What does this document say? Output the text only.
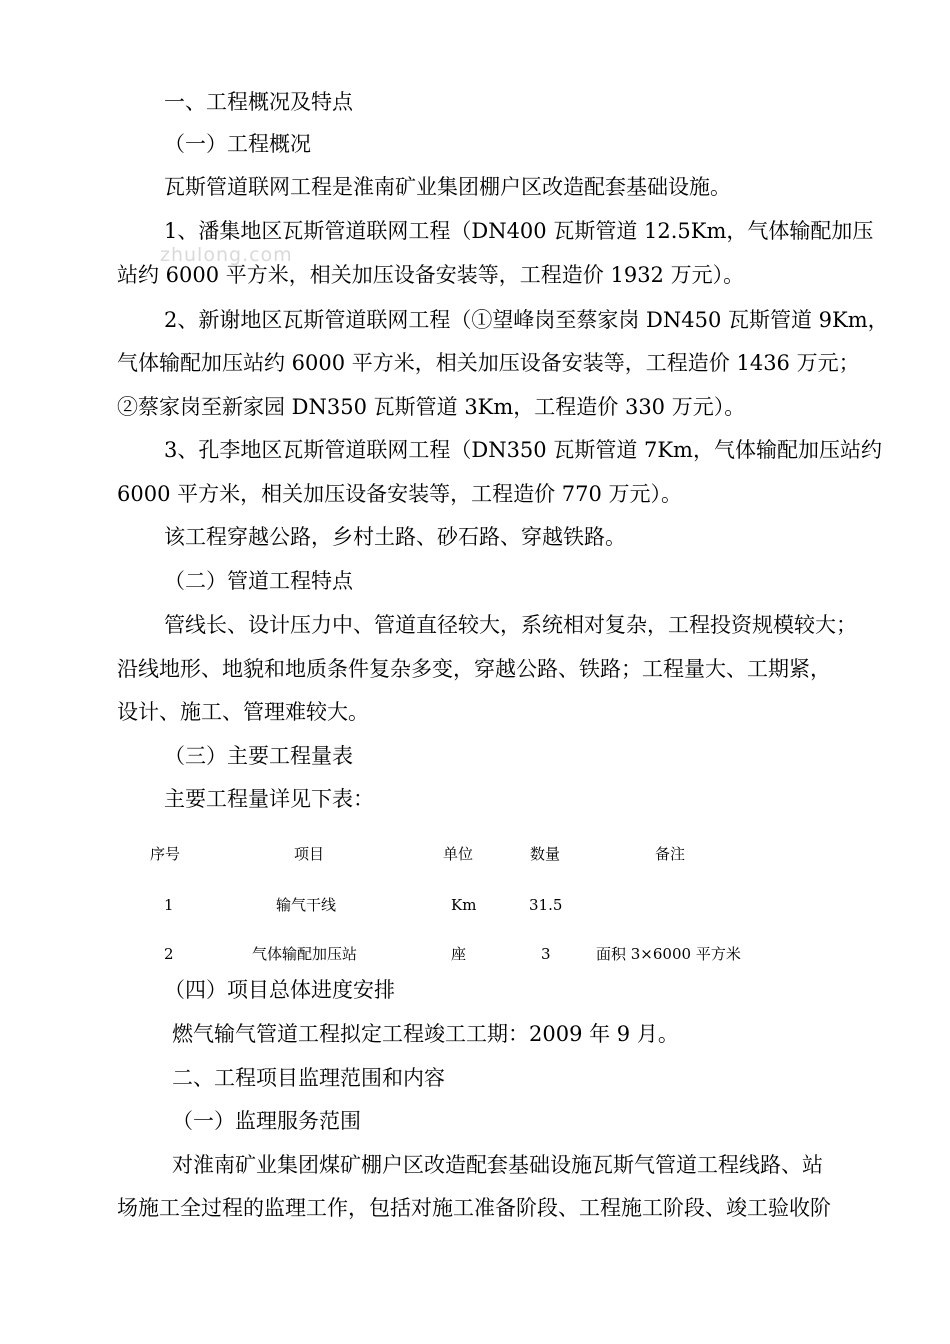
zhulong.com
一、工程概况及特点
（一）工程概况
瓦斯管道联网工程是淮南矿业集团棚户区改造配套基础设施。
1、潘集地区瓦斯管道联网工程（DN400 瓦斯管道 12.5Km，气体输配加压
站约 6000 平方米，相关加压设备安装等，工程造价 1932 万元）。
2、新谢地区瓦斯管道联网工程（①望峰岗至蔡家岗 DN450 瓦斯管道 9Km，
气体输配加压站约 6000 平方米，相关加压设备安装等，工程造价 1436 万元；
②蔡家岗至新家园 DN350 瓦斯管道 3Km，工程造价 330 万元）。
3、孔李地区瓦斯管道联网工程（DN350 瓦斯管道 7Km，气体输配加压站约
6000 平方米，相关加压设备安装等，工程造价 770 万元）。
该工程穿越公路，乡村土路、砂石路、穿越铁路。
（二）管道工程特点
管线长、设计压力中、管道直径较大，系统相对复杂，工程投资规模较大；
沿线地形、地貌和地质条件复杂多变，穿越公路、铁路；工程量大、工期紧，
设计、施工、管理难较大。
（三）主要工程量表
主要工程量详见下表：
序号	项目	单位	数量	备注
1	输气干线	Km	31.5
2	气体输配加压站	座	3	面积 3×6000 平方米
（四）项目总体进度安排
燃气输气管道工程拟定工程竣工工期：2009 年 9 月。
二、工程项目监理范围和内容
（一）监理服务范围
对淮南矿业集团煤矿棚户区改造配套基础设施瓦斯气管道工程线路、站
场施工全过程的监理工作，包括对施工准备阶段、工程施工阶段、竣工验收阶
